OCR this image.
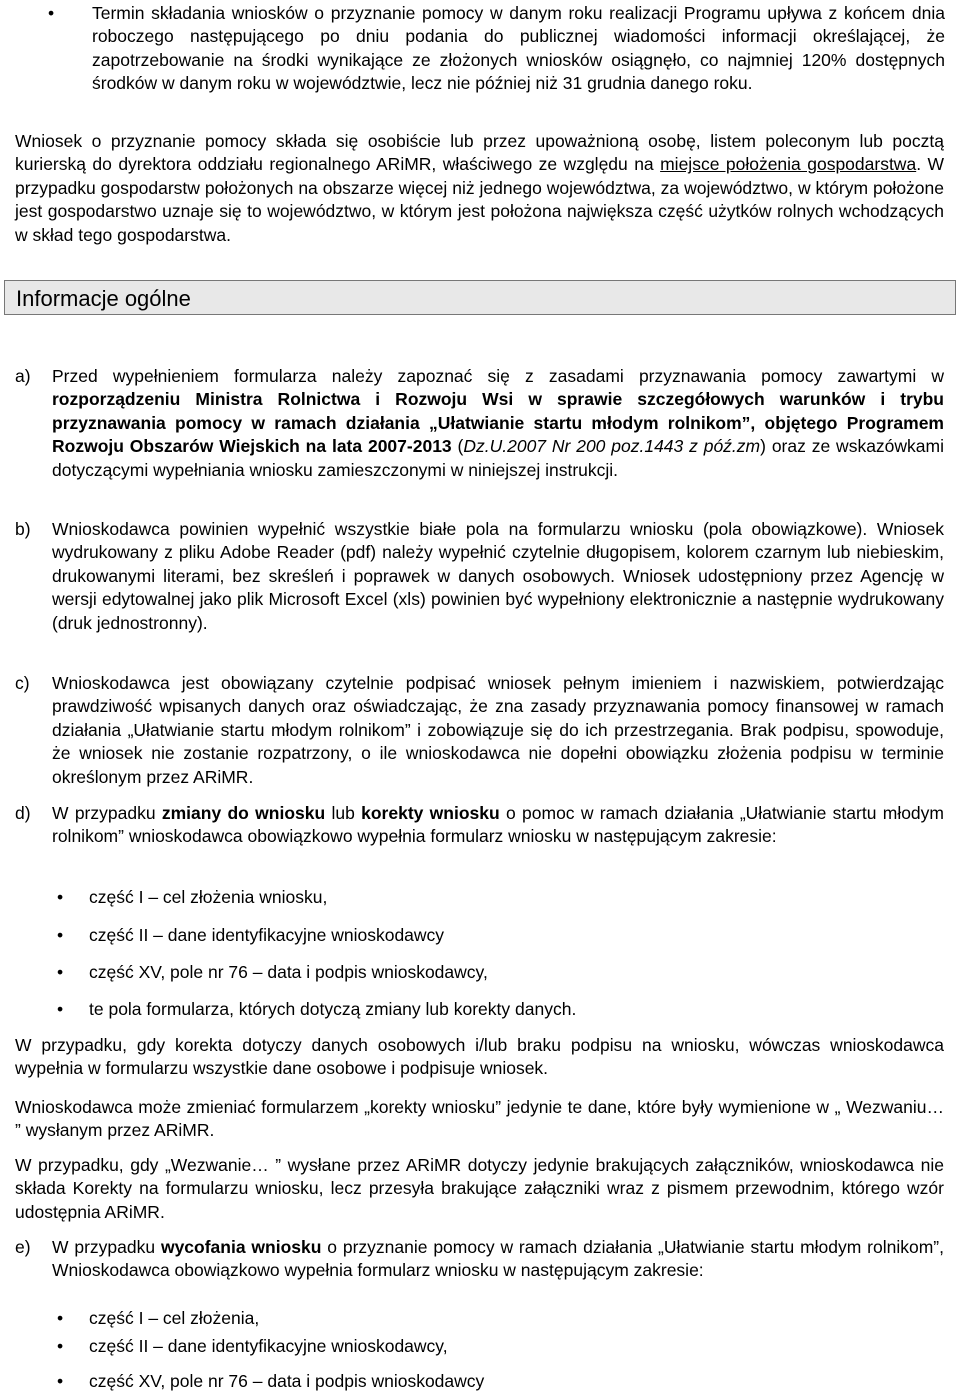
• Termin składania wniosków o przyznanie pomocy w danym roku realizacji Programu upływa z końcem dnia roboczego następującego po dniu podania do publicznej wiadomości informacji określającej, że zapotrzebowanie na środki wynikające ze złożonych wniosków osiągnęło, co najmniej 120% dostępnych środków w danym roku w województwie, lecz nie później niż 31 grudnia danego roku.

Wniosek o przyznanie pomocy składa się osobiście lub przez upoważnioną osobę, listem poleconym lub pocztą kurierską do dyrektora oddziału regionalnego ARiMR, właściwego ze względu na miejsce położenia gospodarstwa. W przypadku gospodarstw położonych na obszarze więcej niż jednego województwa, za województwo, w którym położone jest gospodarstwo uznaje się to województwo, w którym jest położona największa część użytków rolnych wchodzących w skład tego gospodarstwa.

Informacje ogólne
a) Przed wypełnieniem formularza należy zapoznać się z zasadami przyznawania pomocy zawartymi w rozporządzeniu Ministra Rolnictwa i Rozwoju Wsi w sprawie szczegółowych warunków i trybu przyznawania pomocy w ramach działania „Ułatwianie startu młodym rolnikom”, objętego Programem Rozwoju Obszarów Wiejskich na lata 2007-2013 (Dz.U.2007 Nr 200 poz.1443 z póź.zm) oraz ze wskazówkami dotyczącymi wypełniania wniosku zamieszczonymi w niniejszej instrukcji.

b) Wnioskodawca powinien wypełnić wszystkie białe pola na formularzu wniosku (pola obowiązkowe). Wniosek wydrukowany z pliku Adobe Reader (pdf) należy wypełnić czytelnie długopisem, kolorem czarnym lub niebieskim, drukowanymi literami, bez skreśleń i poprawek w danych osobowych. Wniosek udostępniony przez Agencję w wersji edytowalnej jako plik Microsoft Excel (xls) powinien być wypełniony elektronicznie a następnie wydrukowany (druk jednostronny).

c) Wnioskodawca jest obowiązany czytelnie podpisać wniosek pełnym imieniem i nazwiskiem, potwierdzając prawdziwość wpisanych danych oraz oświadczając, że zna zasady przyznawania pomocy finansowej w ramach działania „Ułatwianie startu młodym rolnikom” i zobowiązuje się do ich przestrzegania. Brak podpisu, spowoduje, że wniosek nie zostanie rozpatrzony, o ile wnioskodawca nie dopełni obowiązku złożenia podpisu w terminie określonym przez ARiMR.

d) W przypadku zmiany do wniosku lub korekty wniosku o pomoc w ramach działania „Ułatwianie startu młodym rolnikom” wnioskodawca obowiązkowo wypełnia formularz wniosku w następującym zakresie:

• część I – cel złożenia wniosku,

• część II – dane identyfikacyjne wnioskodawcy

• część XV, pole nr 76 – data i podpis wnioskodawcy,

• te pola formularza, których dotyczą zmiany lub korekty danych.

W przypadku, gdy korekta dotyczy danych osobowych i/lub braku podpisu na wniosku, wówczas wnioskodawca wypełnia w formularzu wszystkie dane osobowe i podpisuje wniosek.

Wnioskodawca może zmieniać formularzem „korekty wniosku” jedynie te dane, które były wymienione w „ Wezwaniu… ” wysłanym przez ARiMR.

W przypadku, gdy „Wezwanie… ” wysłane przez ARiMR dotyczy jedynie brakujących załączników, wnioskodawca nie składa Korekty na formularzu wniosku, lecz przesyła brakujące załączniki wraz z pismem przewodnim, którego wzór udostępnia ARiMR.

e) W przypadku wycofania wniosku o przyznanie pomocy w ramach działania „Ułatwianie startu młodym rolnikom”, Wnioskodawca obowiązkowo wypełnia formularz wniosku w następującym zakresie:

• część I – cel złożenia,

• część II – dane identyfikacyjne wnioskodawcy,

• część XV, pole nr 76 – data i podpis wnioskodawcy
